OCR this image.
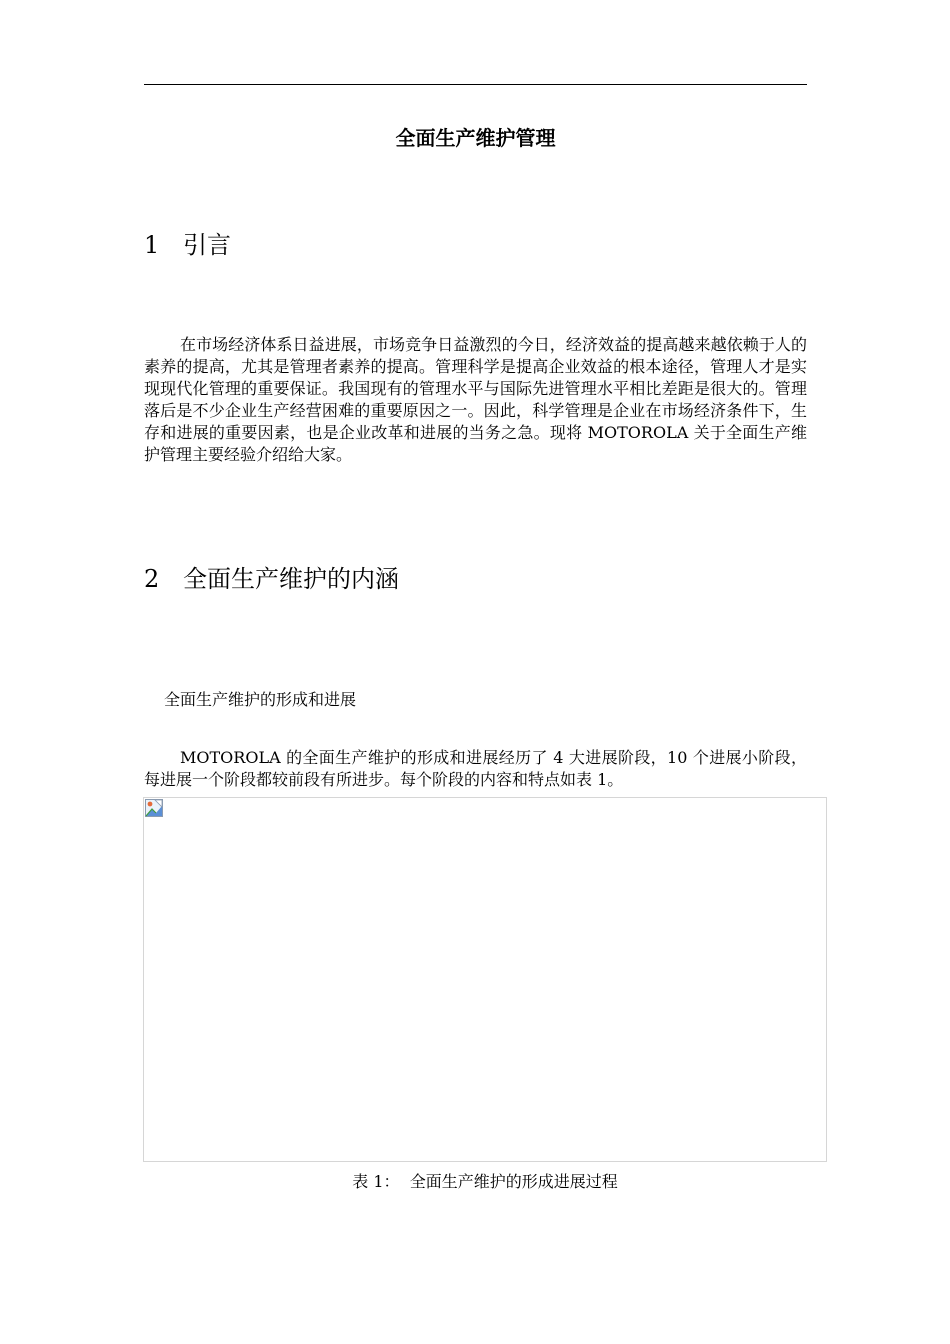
全面生产维护管理
1 引言

在市场经济体系日益进展，市场竞争日益激烈的今日，经济效益的提高越来越依赖于人的素养的提高，尤其是管理者素养的提高。管理科学是提高企业效益的根本途径，管理人才是实现现代化管理的重要保证。我国现有的管理水平与国际先进管理水平相比差距是很大的。管理落后是不少企业生产经营困难的重要原因之一。因此，科学管理是企业在市场经济条件下，生存和进展的重要因素，也是企业改革和进展的当务之急。现将 MOTOROLA 关于全面生产维护管理主要经验介绍给大家。

2 全面生产维护的内涵
全面生产维护的形成和进展

MOTOROLA 的全面生产维护的形成和进展经历了 4 大进展阶段，10 个进展小阶段，每进展一个阶段都较前段有所进步。每个阶段的内容和特点如表 1。

表 1：  全面生产维护的形成进展过程
